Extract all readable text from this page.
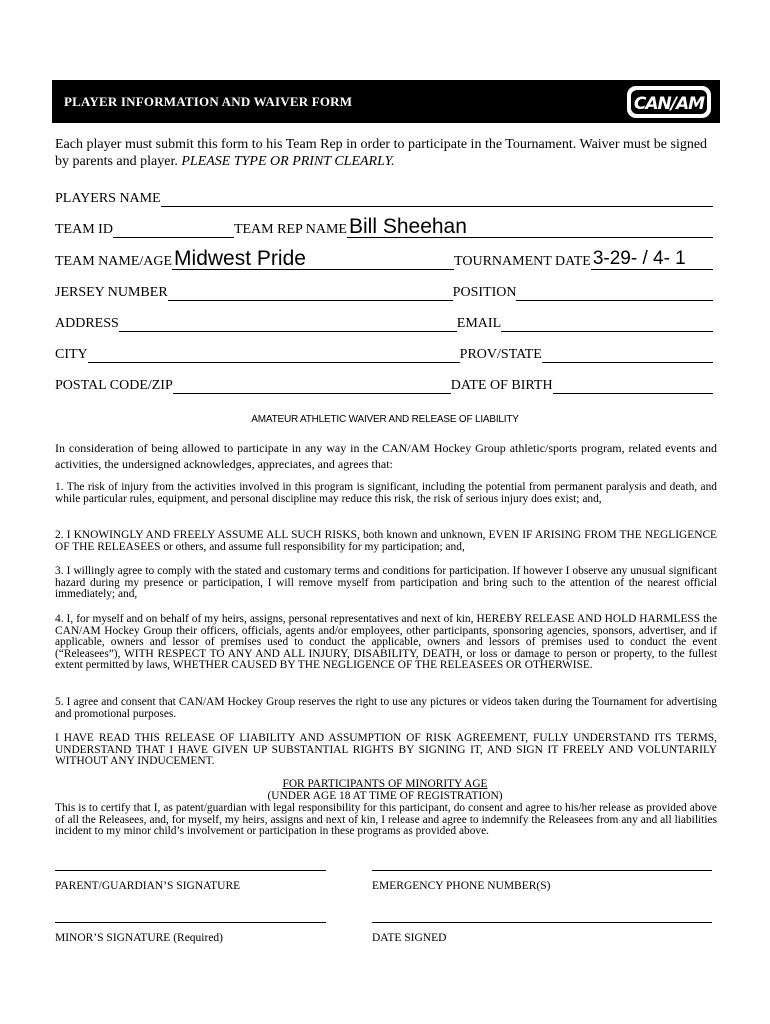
PLAYER INFORMATION AND WAIVER FORM	CAN/AM
Each player must submit this form to his Team Rep in order to participate in the Tournament. Waiver must be signed by parents and player. PLEASE TYPE OR PRINT CLEARLY.
PLAYERS NAME
TEAM ID	TEAM REP NAME Bill Sheehan
TEAM NAME/AGE Midwest Pride	TOURNAMENT DATE 3-29- / 4- 1
JERSEY NUMBER	POSITION
ADDRESS	EMAIL
CITY	PROV/STATE
POSTAL CODE/ZIP	DATE OF BIRTH
AMATEUR ATHLETIC WAIVER AND RELEASE OF LIABILITY
In consideration of being allowed to participate in any way in the CAN/AM Hockey Group athletic/sports program, related events and activities, the undersigned acknowledges, appreciates, and agrees that:
1. The risk of injury from the activities involved in this program is significant, including the potential from permanent paralysis and death, and while particular rules, equipment, and personal discipline may reduce this risk, the risk of serious injury does exist; and,
2. I KNOWINGLY AND FREELY ASSUME ALL SUCH RISKS, both known and unknown, EVEN IF ARISING FROM THE NEGLIGENCE OF THE RELEASEES or others, and assume full responsibility for my participation; and,
3. I willingly agree to comply with the stated and customary terms and conditions for participation. If however I observe any unusual significant hazard during my presence or participation, I will remove myself from participation and bring such to the attention of the nearest official immediately; and,
4. I, for myself and on behalf of my heirs, assigns, personal representatives and next of kin, HEREBY RELEASE AND HOLD HARMLESS the CAN/AM Hockey Group their officers, officials, agents and/or employees, other participants, sponsoring agencies, sponsors, advertiser, and if applicable, owners and lessor of premises used to conduct the applicable, owners and lessors of premises used to conduct the event (“Releasees”), WITH RESPECT TO ANY AND ALL INJURY, DISABILITY, DEATH, or loss or damage to person or property, to the fullest extent permitted by laws, WHETHER CAUSED BY THE NEGLIGENCE OF THE RELEASEES OR OTHERWISE.
5. I agree and consent that CAN/AM Hockey Group reserves the right to use any pictures or videos taken during the Tournament for advertising and promotional purposes.
I HAVE READ THIS RELEASE OF LIABILITY AND ASSUMPTION OF RISK AGREEMENT, FULLY UNDERSTAND ITS TERMS, UNDERSTAND THAT I HAVE GIVEN UP SUBSTANTIAL RIGHTS BY SIGNING IT, AND SIGN IT FREELY AND VOLUNTARILY WITHOUT ANY INDUCEMENT.
FOR PARTICIPANTS OF MINORITY AGE
(UNDER AGE 18 AT TIME OF REGISTRATION)
This is to certify that I, as patent/guardian with legal responsibility for this participant, do consent and agree to his/her release as provided above of all the Releasees, and, for myself, my heirs, assigns and next of kin, I release and agree to indemnify the Releasees from any and all liabilities incident to my minor child’s involvement or participation in these programs as provided above.
PARENT/GUARDIAN’S SIGNATURE	EMERGENCY PHONE NUMBER(S)
MINOR’S SIGNATURE (Required)	DATE SIGNED
